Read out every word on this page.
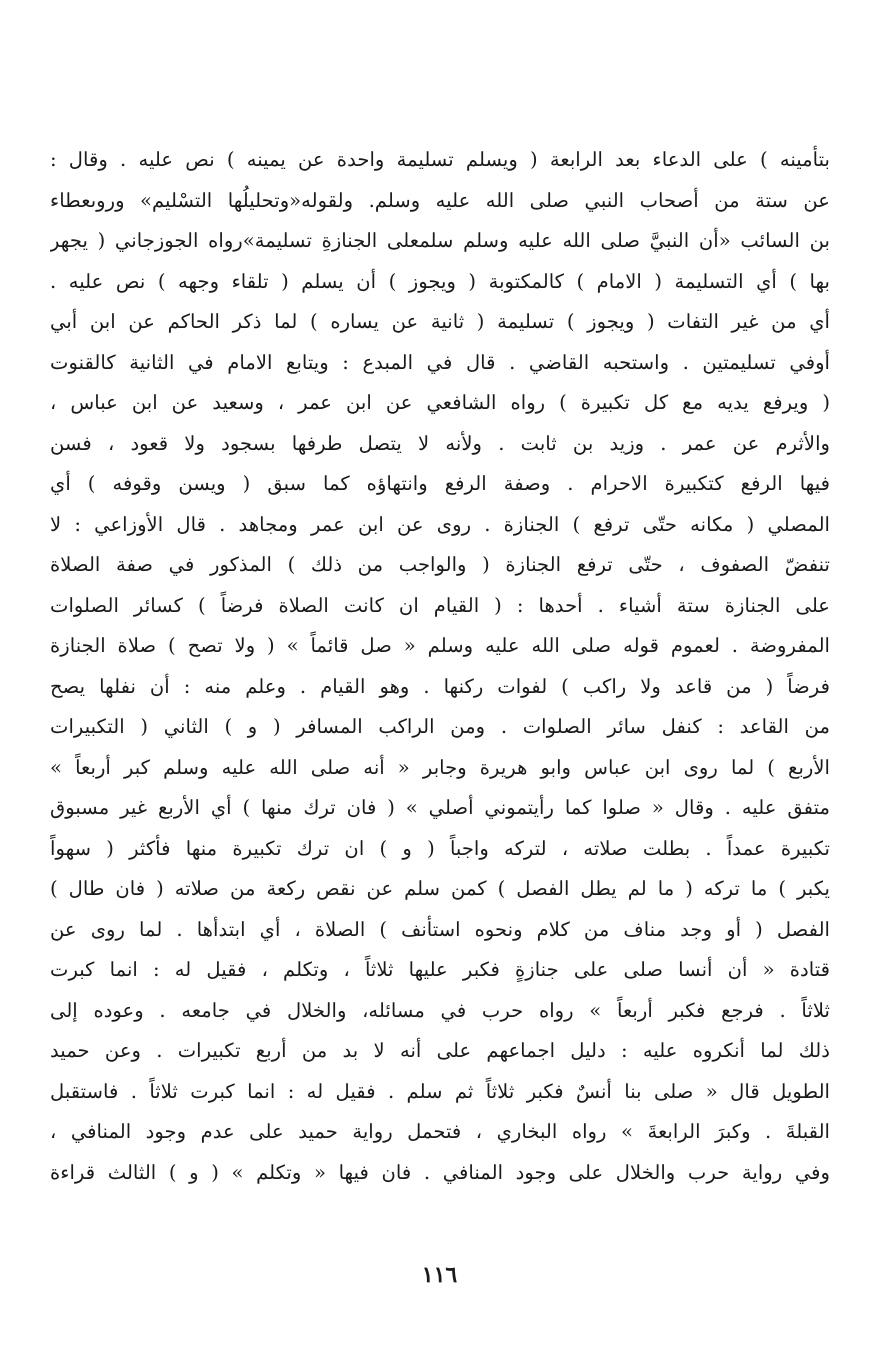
بتأمينه ) على الدعاء بعد الرابعة ( ويسلم تسليمة واحدة عن يمينه ) نص عليه . وقال :
عن ستة من أصحاب النبي صلى الله عليه وسلم. ولقوله«وتحليلُها التسْليم» وروىعطاء
بن السائب «أن النبيَّ صلى الله عليه وسلم سلمعلى الجنازةِ تسليمة»رواه الجوزجاني ( يجهر
بها ) أي التسليمة ( الامام ) كالمكتوبة ( ويجوز ) أن يسلم ( تلقاء وجهه ) نص عليه .
أي من غير التفات ( ويجوز ) تسليمة ( ثانية عن يساره ) لما ذكر الحاكم عن ابن أبي
أوفي تسليمتين . واستحبه القاضي . قال في المبدع : ويتابع الامام في الثانية كالقنوت
( ويرفع يديه مع كل تكبيرة ) رواه الشافعي عن ابن عمر ، وسعيد عن ابن عباس ،
والأثرم عن عمر . وزيد بن ثابت . ولأنه لا يتصل طرفها بسجود ولا قعود ، فسن
فيها الرفع كتكبيرة الاحرام . وصفة الرفع وانتهاؤه كما سبق ( ويسن وقوفه ) أي
المصلي ( مكانه حتّى ترفع ) الجنازة . روى عن ابن عمر ومجاهد . قال الأوزاعي : لا
تنفضّ الصفوف ، حتّى ترفع الجنازة ( والواجب من ذلك ) المذكور في صفة الصلاة
على الجنازة ستة أشياء . أحدها : ( القيام ان كانت الصلاة فرضاً ) كسائر الصلوات
المفروضة . لعموم قوله صلى الله عليه وسلم « صل قائماً » ( ولا تصح ) صلاة الجنازة
فرضاً ( من قاعد ولا راكب ) لفوات ركنها . وهو القيام . وعلم منه : أن نفلها يصح
من القاعد : كنفل سائر الصلوات . ومن الراكب المسافر ( و ) الثاني ( التكبيرات
الأربع ) لما روى ابن عباس وابو هريرة وجابر « أنه صلى الله عليه وسلم كبر أربعاً »
متفق عليه . وقال « صلوا كما رأيتموني أصلي » ( فان ترك منها ) أي الأربع غير مسبوق
تكبيرة عمداً . بطلت صلاته ، لتركه واجباً ( و ) ان ترك تكبيرة منها فأكثر ( سهواً
يكبر ) ما تركه ( ما لم يطل الفصل ) كمن سلم عن نقص ركعة من صلاته ( فان طال )
الفصل ( أو وجد مناف من كلام ونحوه استأنف ) الصلاة ، أي ابتدأها . لما روى عن
قتادة « أن أنسا صلى على جنازةٍ فكبر عليها ثلاثاً ، وتكلم ، فقيل له : انما كبرت
ثلاثاً . فرجع فكبر أربعاً » رواه حرب في مسائله، والخلال في جامعه . وعوده إلى
ذلك لما أنكروه عليه : دليل اجماعهم على أنه لا بد من أربع تكبيرات . وعن حميد
الطويل قال « صلى بنا أنسٌ فكبر ثلاثاً ثم سلم . فقيل له : انما كبرت ثلاثاً . فاستقبل
القبلةَ . وكبرَ الرابعةَ » رواه البخاري ، فتحمل رواية حميد على عدم وجود المنافي ،
وفي رواية حرب والخلال على وجود المنافي . فان فيها « وتكلم » ( و ) الثالث قراءة
١١٦
